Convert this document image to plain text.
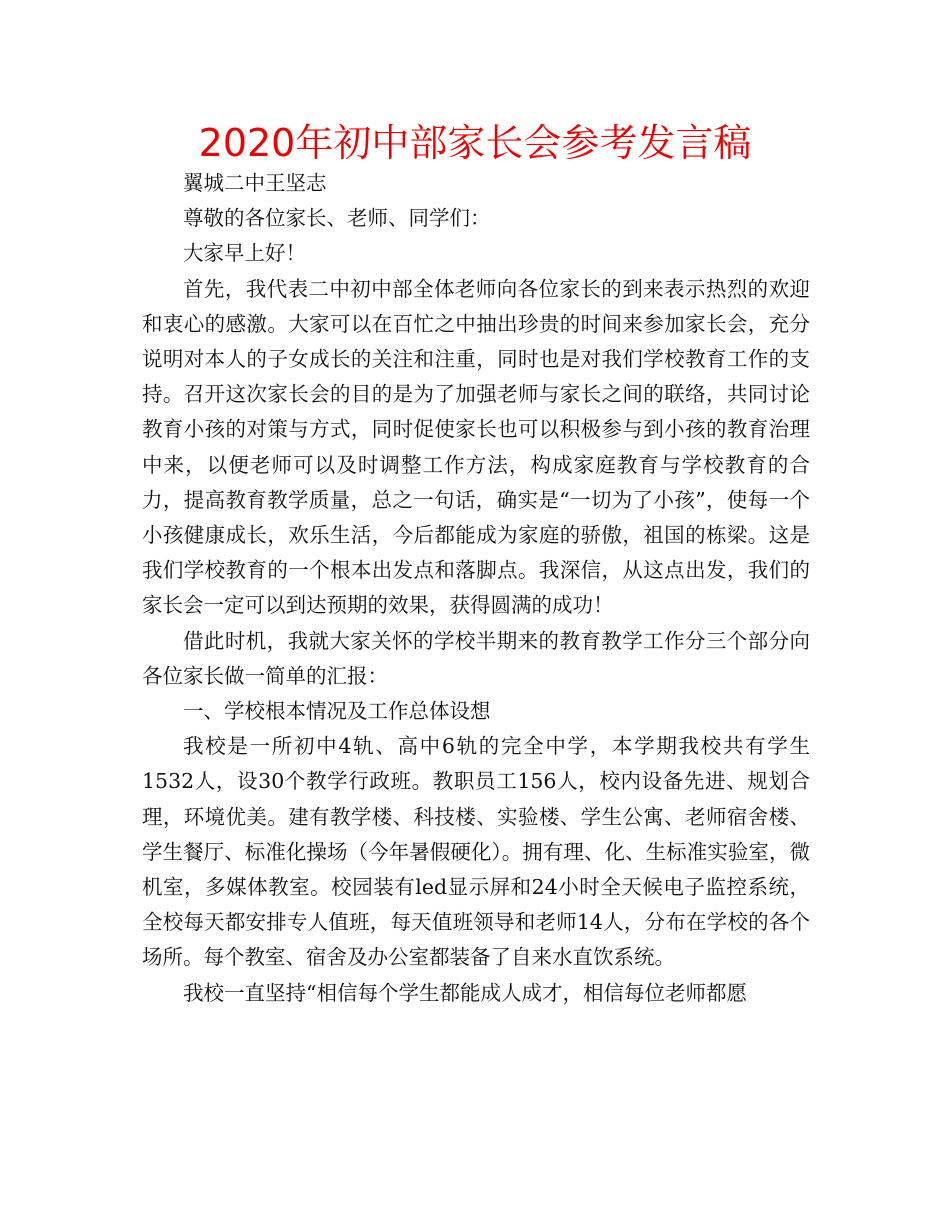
2020年初中部家长会参考发言稿

翼城二中王坚志

尊敬的各位家长、老师、同学们：

大家早上好！

首先，我代表二中初中部全体老师向各位家长的到来表示热烈的欢迎和衷心的感激。大家可以在百忙之中抽出珍贵的时间来参加家长会，充分说明对本人的子女成长的关注和注重，同时也是对我们学校教育工作的支持。召开这次家长会的目的是为了加强老师与家长之间的联络，共同讨论教育小孩的对策与方式，同时促使家长也可以积极参与到小孩的教育治理中来，以便老师可以及时调整工作方法，构成家庭教育与学校教育的合力，提高教育教学质量，总之一句话，确实是“一切为了小孩”，使每一个小孩健康成长，欢乐生活，今后都能成为家庭的骄傲，祖国的栋梁。这是我们学校教育的一个根本出发点和落脚点。我深信，从这点出发，我们的家长会一定可以到达预期的效果，获得圆满的成功！

借此时机，我就大家关怀的学校半期来的教育教学工作分三个部分向各位家长做一简单的汇报：

一、学校根本情况及工作总体设想

我校是一所初中4轨、高中6轨的完全中学，本学期我校共有学生1532人，设30个教学行政班。教职员工156人，校内设备先进、规划合理，环境优美。建有教学楼、科技楼、实验楼、学生公寓、老师宿舍楼、学生餐厅、标准化操场（今年暑假硬化）。拥有理、化、生标准实验室，微机室，多媒体教室。校园装有led显示屏和24小时全天候电子监控系统，全校每天都安排专人值班，每天值班领导和老师14人，分布在学校的各个场所。每个教室、宿舍及办公室都装备了自来水直饮系统。

我校一直坚持“相信每个学生都能成人成才，相信每位老师都愿
